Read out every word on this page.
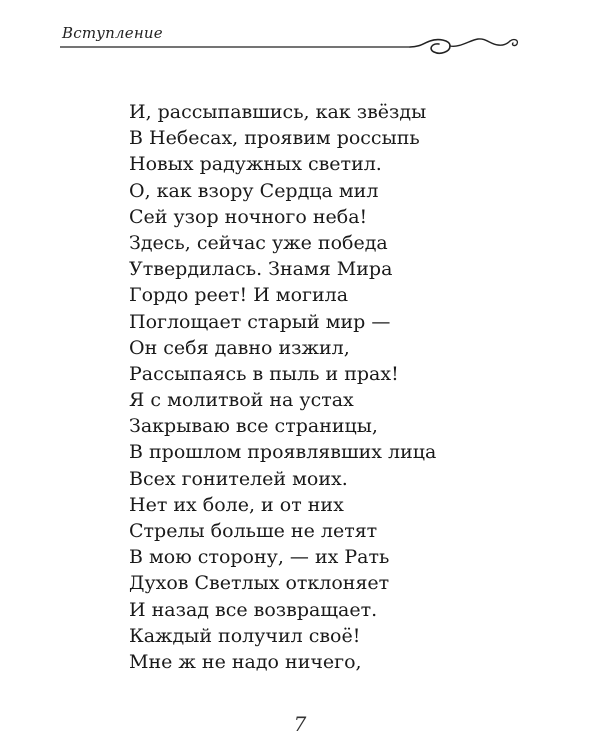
Вступление
И, рассыпавшись, как звёзды
В Небесах, проявим россыпь
Новых радужных светил.
О, как взору Сердца мил
Сей узор ночного неба!
Здесь, сейчас уже победа
Утвердилась. Знамя Мира
Гордо реет! И могила
Поглощает старый мир —
Он себя давно изжил,
Рассыпаясь в пыль и прах!
Я с молитвой на устах
Закрываю все страницы,
В прошлом проявлявших лица
Всех гонителей моих.
Нет их боле, и от них
Стрелы больше не летят
В мою сторону, — их Рать
Духов Светлых отклоняет
И назад все возвращает.
Каждый получил своё!
Мне ж не надо ничего,
7
